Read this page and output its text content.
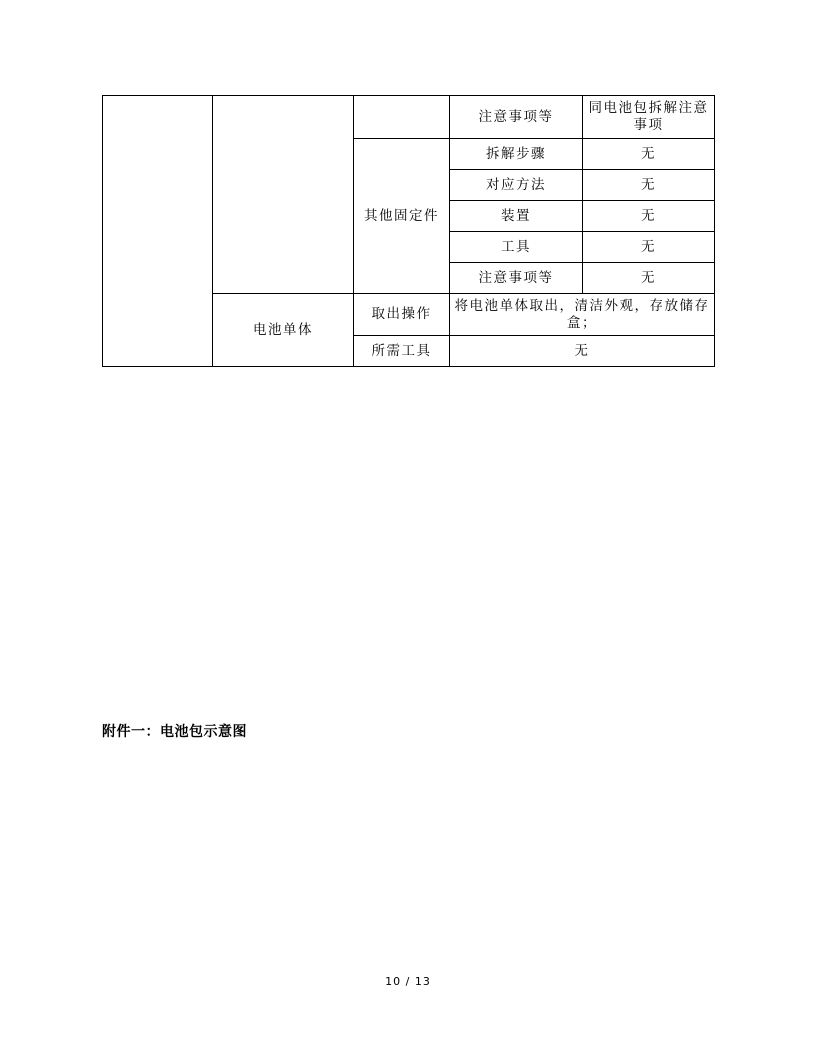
			注意事项等	同电池包拆解注意事项
		其他固定件	拆解步骤	无
			对应方法	无
			装置	无
			工具	无
			注意事项等	无
	电池单体	取出操作	将电池单体取出，清洁外观，存放储存盒；	
		所需工具	无	
附件一：电池包示意图
10 / 13
